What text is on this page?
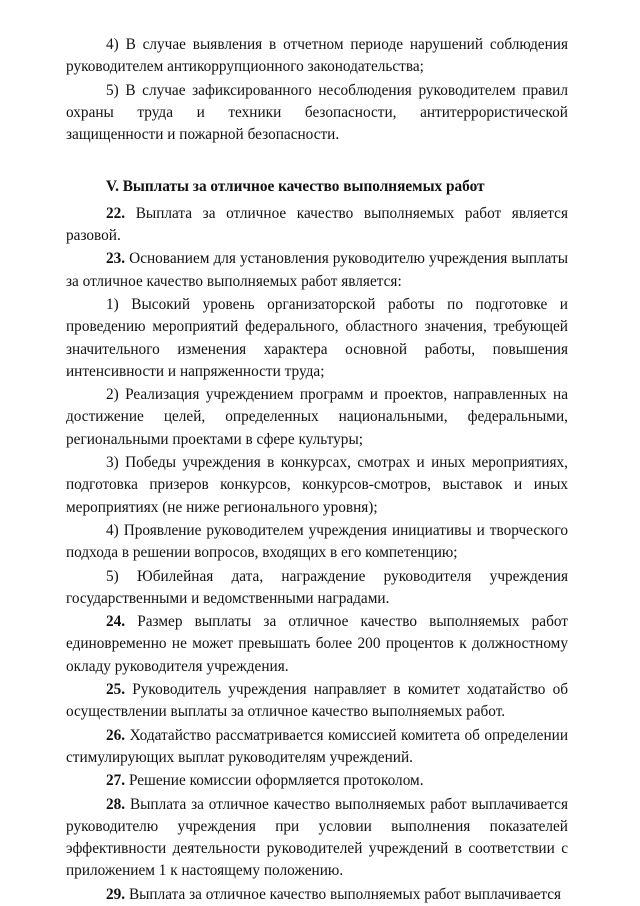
4) В случае выявления в отчетном периоде нарушений соблюдения руководителем антикоррупционного законодательства;

5) В случае зафиксированного несоблюдения руководителем правил охраны труда и техники безопасности, антитеррористической защищенности и пожарной безопасности.

V. Выплаты за отличное качество выполняемых работ

22. Выплата за отличное качество выполняемых работ является разовой.

23. Основанием для установления руководителю учреждения выплаты за отличное качество выполняемых работ является:

1) Высокий уровень организаторской работы по подготовке и проведению мероприятий федерального, областного значения, требующей значительного изменения характера основной работы, повышения интенсивности и напряженности труда;

2) Реализация учреждением программ и проектов, направленных на достижение целей, определенных национальными, федеральными, региональными проектами в сфере культуры;

3) Победы учреждения в конкурсах, смотрах и иных мероприятиях, подготовка призеров конкурсов, конкурсов-смотров, выставок и иных мероприятиях (не ниже регионального уровня);

4) Проявление руководителем учреждения инициативы и творческого подхода в решении вопросов, входящих в его компетенцию;

5) Юбилейная дата, награждение руководителя учреждения государственными и ведомственными наградами.

24. Размер выплаты за отличное качество выполняемых работ единовременно не может превышать более 200 процентов к должностному окладу руководителя учреждения.

25. Руководитель учреждения направляет в комитет ходатайство об осуществлении выплаты за отличное качество выполняемых работ.

26. Ходатайство рассматривается комиссией комитета об определении стимулирующих выплат руководителям учреждений.

27. Решение комиссии оформляется протоколом.

28. Выплата за отличное качество выполняемых работ выплачивается руководителю учреждения при условии выполнения показателей эффективности деятельности руководителей учреждений в соответствии с приложением 1 к настоящему положению.

29. Выплата за отличное качество выполняемых работ выплачивается
